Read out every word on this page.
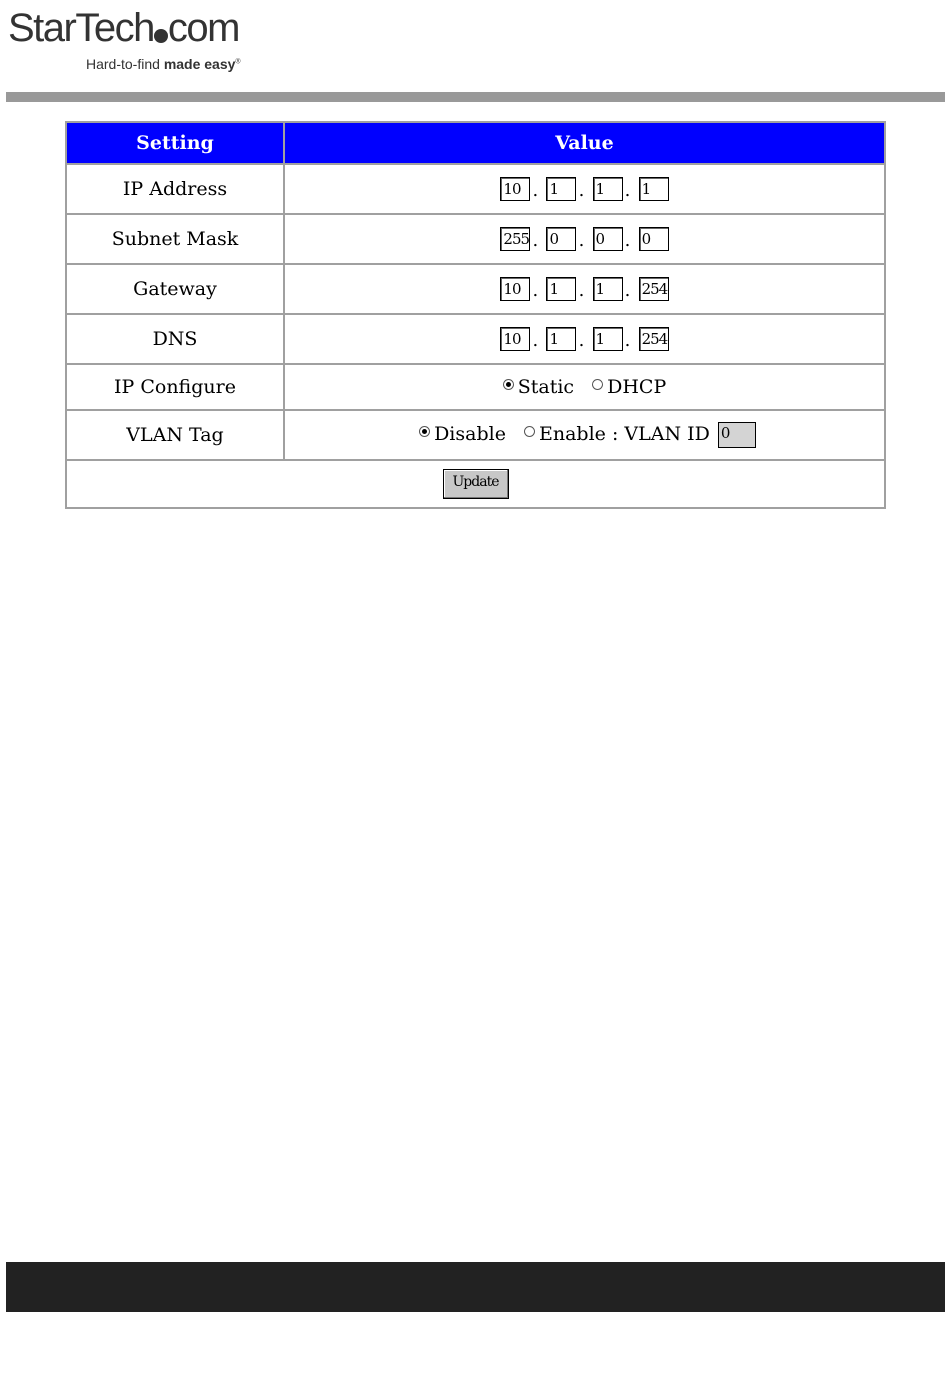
StarTech com
Hard-to-find made easy®
Setting	Value
IP Address	10 . 1 . 1 . 1
Subnet Mask	255 . 0 . 0 . 0
Gateway	10 . 1 . 1 . 254
DNS	10 . 1 . 1 . 254
IP Configure	Static DHCP
VLAN Tag	Disable Enable : VLAN ID 0
Update	
